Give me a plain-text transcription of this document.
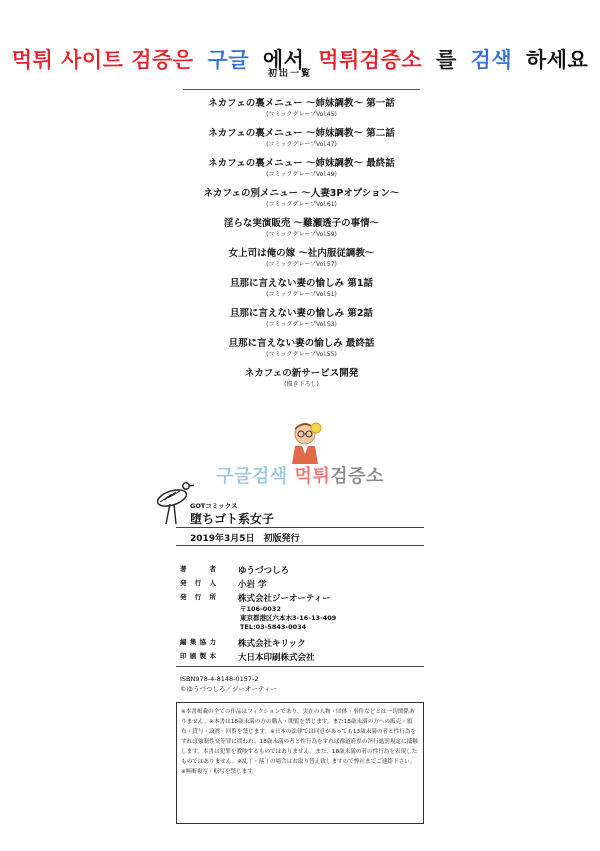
먹튀 사이트 검증은 구글 에서 먹튀검증소 를 검색 하세요
初出一覧
ネカフェの裏メニュー ～姉妹調教～ 第一話
(コミックグレープVol.45)
ネカフェの裏メニュー ～姉妹調教～ 第二話
(コミックグレープVol.47)
ネカフェの裏メニュー ～姉妹調教～ 最終話
(コミックグレープVol.49)
ネカフェの別メニュー ～人妻3Pオプション～
(コミックグレープVol.61)
淫らな実演販売 ～難瀬透子の事情～
(コミックグレープVol.59)
女上司は俺の嫁 ～社内服従調教～
(コミックグレープVol.57)
旦那に言えない妻の愉しみ 第1話
(コミックグレープVol.51)
旦那に言えない妻の愉しみ 第2話
(コミックグレープVol.53)
旦那に言えない妻の愉しみ 最終話
(コミックグレープVol.55)
ネカフェの新サービス開発
(描き下ろし)
구글검색 먹튀검증소
GOTコミックス
堕ちゴト系女子
2019年3月5日　初版発行
著者	ゆうづつしろ
発行人	小岩 学
発行所	株式会社ジーオーティー
〒106-0032
東京都港区六本木3-16-13-409
TEL:03-5843-0034
編集協力	株式会社キリック
印刷製本	大日本印刷株式会社
ISBN978-4-8148-0157-2
©ゆうづつしろ／ジーオーティー
※本書掲載の全ての作品はフィクションであり、実在の人物・団体・事件などとは一切関係ありません。※本書は18歳未満の方の購入・閲覧を禁じます。また18歳未満の方への販売・頒布・貸与・譲渡・回覧を禁じます。※日本の法律では同意があっても13歳未満の者と性行為をすれば強制性交等罪に問われ、18歳未満の者と性行為をすれば都道府県の淫行処罰規定に抵触します。本書は犯罪を教唆するものではありません。また、18歳未満の者の性行為を表現したものではありません。※乱丁・落丁の場合はお取り替え致しますので弊社までご連絡下さい。※無断複写・転写を禁じます。
